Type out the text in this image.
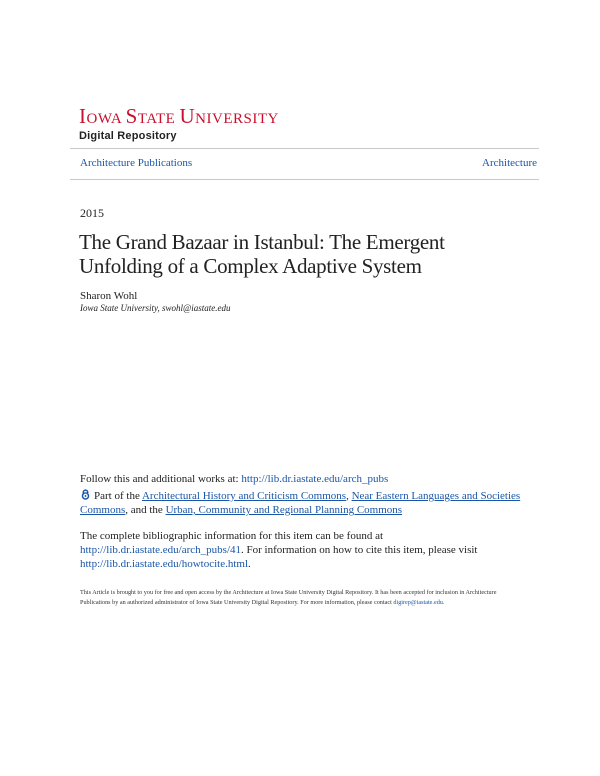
IOWA STATE UNIVERSITY
Digital Repository
Architecture Publications	Architecture
2015
The Grand Bazaar in Istanbul: The Emergent
Unfolding of a Complex Adaptive System
Sharon Wohl
Iowa State University, swohl@iastate.edu
Follow this and additional works at: http://lib.dr.iastate.edu/arch_pubs
Part of the Architectural History and Criticism Commons, Near Eastern Languages and Societies Commons, and the Urban, Community and Regional Planning Commons
The complete bibliographic information for this item can be found at http://lib.dr.iastate.edu/arch_pubs/41. For information on how to cite this item, please visit http://lib.dr.iastate.edu/howtocite.html.
This Article is brought to you for free and open access by the Architecture at Iowa State University Digital Repository. It has been accepted for inclusion in Architecture Publications by an authorized administrator of Iowa State University Digital Repository. For more information, please contact digirep@iastate.edu.
